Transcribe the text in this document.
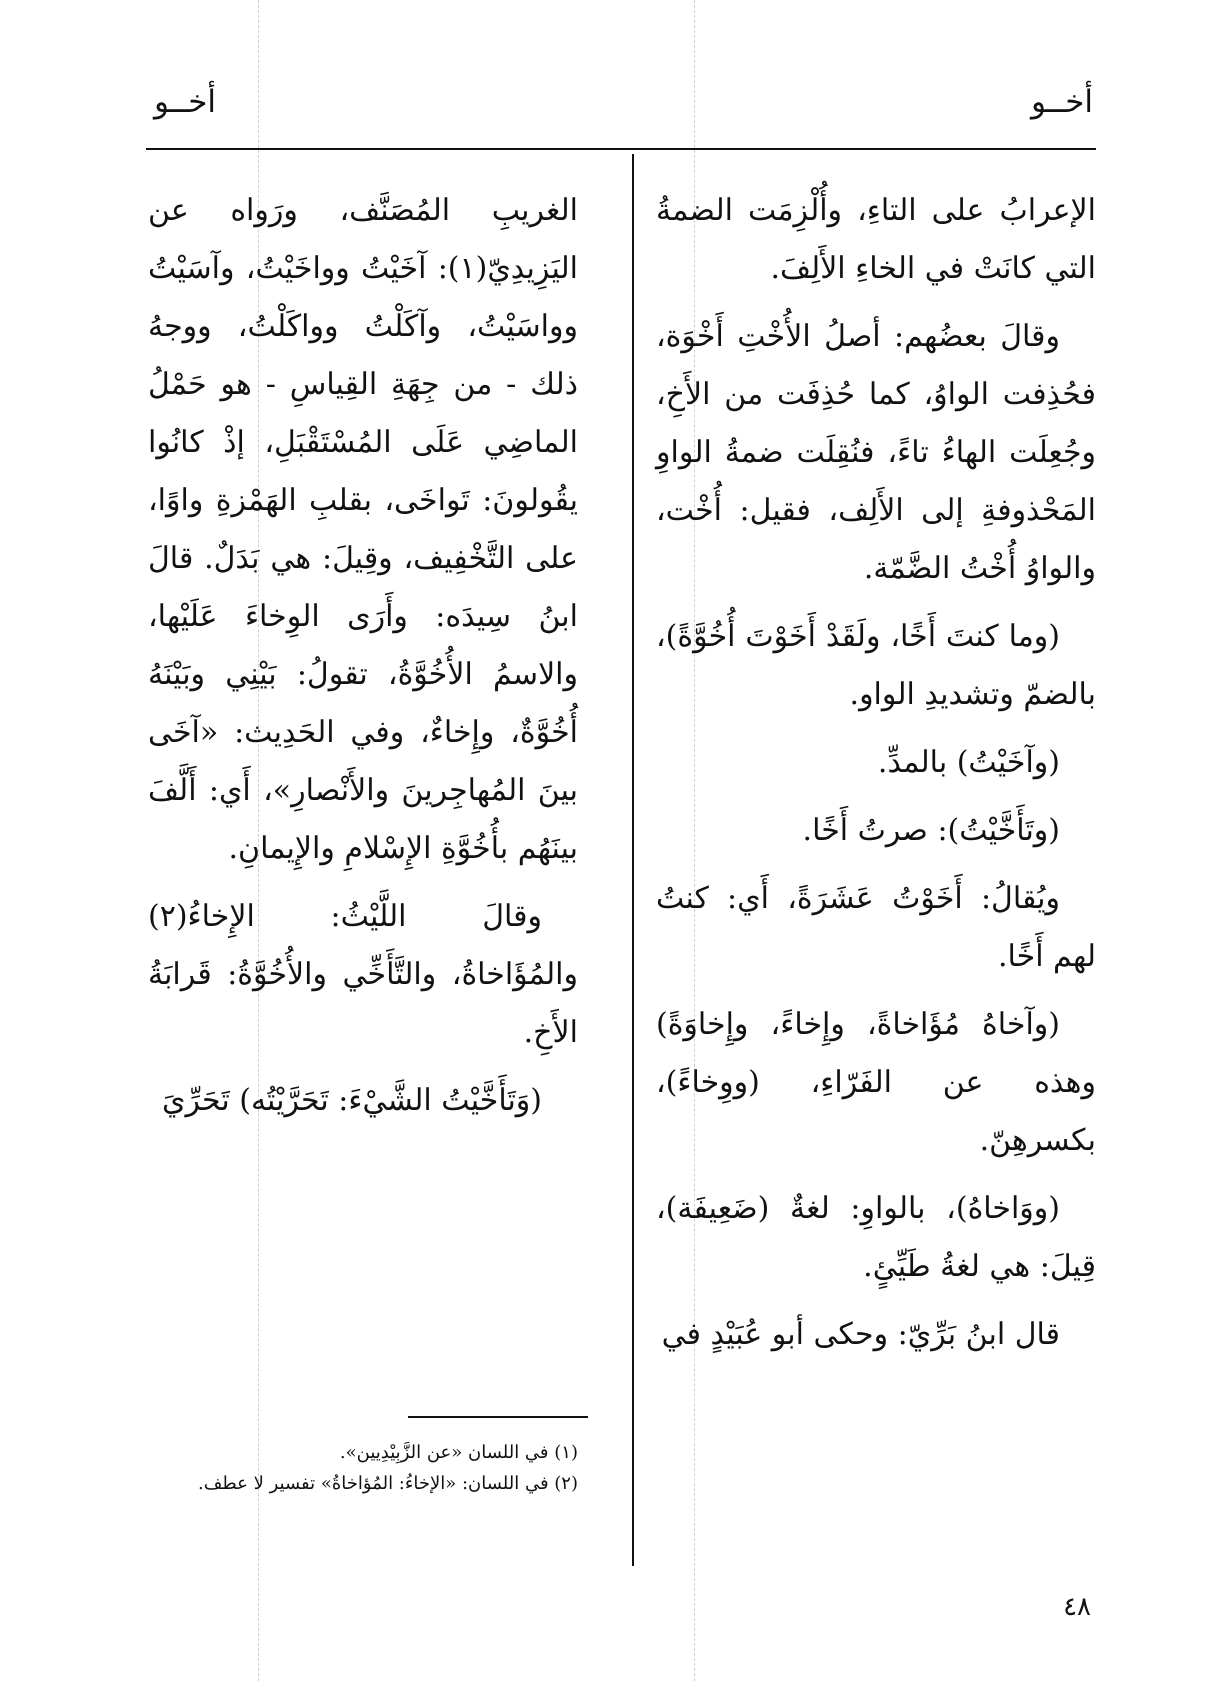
أخــو
أخــو

الإعرابُ على التاءِ، وأُلْزِمَت الضمةُ التي كانَتْ في الخاءِ الأَلِفَ.

وقالَ بعضُهم: أصلُ الأُخْتِ أَخْوَة، فحُذِفت الواوُ، كما حُذِفَت من الأَخِ، وجُعِلَت الهاءُ تاءً، فنُقِلَت ضمةُ الواوِ المَحْذوفةِ إلى الأَلِف، فقيل: أُخْت، والواوُ أُخْتُ الضَّمّة.

(وما كنتَ أَخًا، ولَقَدْ أَخَوْتَ أُخُوَّةً)، بالضمّ وتشديدِ الواو.

(وآخَيْتُ) بالمدِّ.

(وتَأَخَّيْتُ): صرتُ أَخًا.

ويُقالُ: أَخَوْتُ عَشَرَةً، أَي: كنتُ لهم أَخًا.

(وآخاهُ مُؤَاخاةً، وإِخاءً، وإِخاوَةً) وهذه عن الفَرّاءِ، (ووِخاءً)، بكسرهِنّ.

(ووَاخاهُ)، بالواوِ: لغةٌ (ضَعِيفَة)، قِيلَ: هي لغةُ طَيِّئٍ.

قال ابنُ بَرِّيّ: وحكى أبو عُبَيْدٍ في

الغريبِ المُصَنَّف، ورَواه عن اليَزِيدِيّ(١): آخَيْتُ وواخَيْتُ، وآسَيْتُ وواسَيْتُ، وآكَلْتُ وواكَلْتُ، ووجهُ ذلك - من جِهَةِ القِياسِ - هو حَمْلُ الماضِي عَلَى المُسْتَقْبَلِ، إذْ كانُوا يقُولونَ: تَواخَى، بقلبِ الهَمْزةِ واوًا، على التَّخْفِيف، وقِيلَ: هي بَدَلٌ. قالَ ابنُ سِيدَه: وأَرَى الوِخاءَ عَلَيْها، والاسمُ الأُخُوَّةُ، تقولُ: بَيْنِي وبَيْنَهُ أُخُوَّةٌ، وإِخاءٌ، وفي الحَدِيث: «آخَى بينَ المُهاجِرينَ والأَنْصارِ»، أَي: أَلَّفَ بينَهُم بأُخُوَّةِ الإِسْلامِ والإِيمانِ.

وقالَ اللَّيْثُ: الإِخاءُ(٢) والمُؤَاخاةُ، والتَّأَخِّي والأُخُوَّةُ: قَرابَةُ الأَخِ.

(وَتَأَخَّيْتُ الشَّيْءَ: تَحَرَّيْتُه) تَحَرِّيَ

(١) في اللسان «عن الزَّبِيْدِيين».

(٢) في اللسان: «الإخاءُ: المُؤاخاةُ» تفسير لا عطف.

٤٨
